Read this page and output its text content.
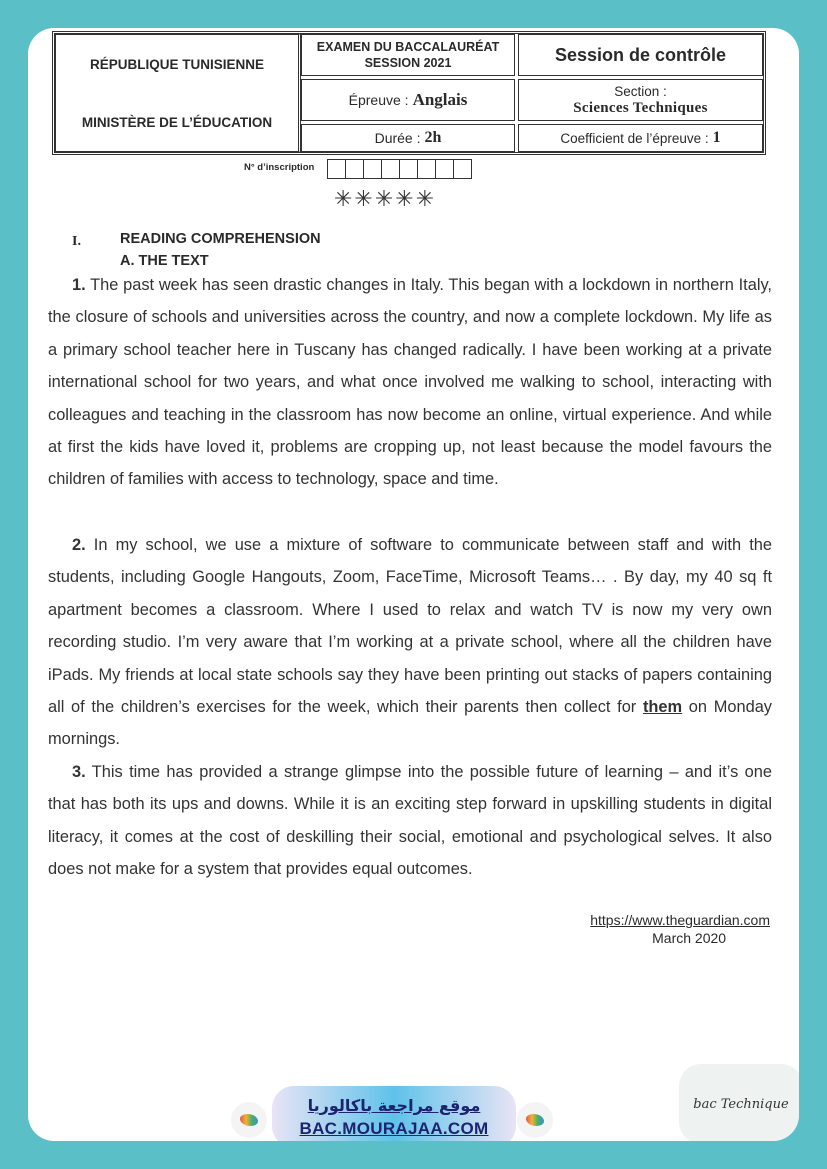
RÉPUBLIQUE TUNISIENNE
MINISTÈRE DE L’ÉDUCATION
EXAMEN DU BACCALAURÉAT
SESSION 2021
Épreuve : Anglais
Durée : 2h
Session de contrôle
Section :
Sciences Techniques
Coefficient de l’épreuve : 1
N° d’inscription
✳✳✳✳✳
I.	READING COMPREHENSION
A. THE TEXT
1. The past week has seen drastic changes in Italy. This began with a lockdown in northern Italy, the closure of schools and universities across the country, and now a complete lockdown. My life as a primary school teacher here in Tuscany has changed radically. I have been working at a private international school for two years, and what once involved me walking to school, interacting with colleagues and teaching in the classroom has now become an online, virtual experience. And while at first the kids have loved it, problems are cropping up, not least because the model favours the children of families with access to technology, space and time.
2. In my school, we use a mixture of software to communicate between staff and with the students, including Google Hangouts, Zoom, FaceTime, Microsoft Teams… . By day, my 40 sq ft apartment becomes a classroom. Where I used to relax and watch TV is now my very own recording studio. I’m very aware that I’m working at a private school, where all the children have iPads. My friends at local state schools say they have been printing out stacks of papers containing all of the children’s exercises for the week, which their parents then collect for them on Monday mornings.
3. This time has provided a strange glimpse into the possible future of learning – and it’s one that has both its ups and downs. While it is an exciting step forward in upskilling students in digital literacy, it comes at the cost of deskilling their social, emotional and psychological selves. It also does not make for a system that provides equal outcomes.
https://www.theguardian.com
March 2020
موقع مراجعة باكالوريا
BAC.MOURAJAA.COM
bac Technique
